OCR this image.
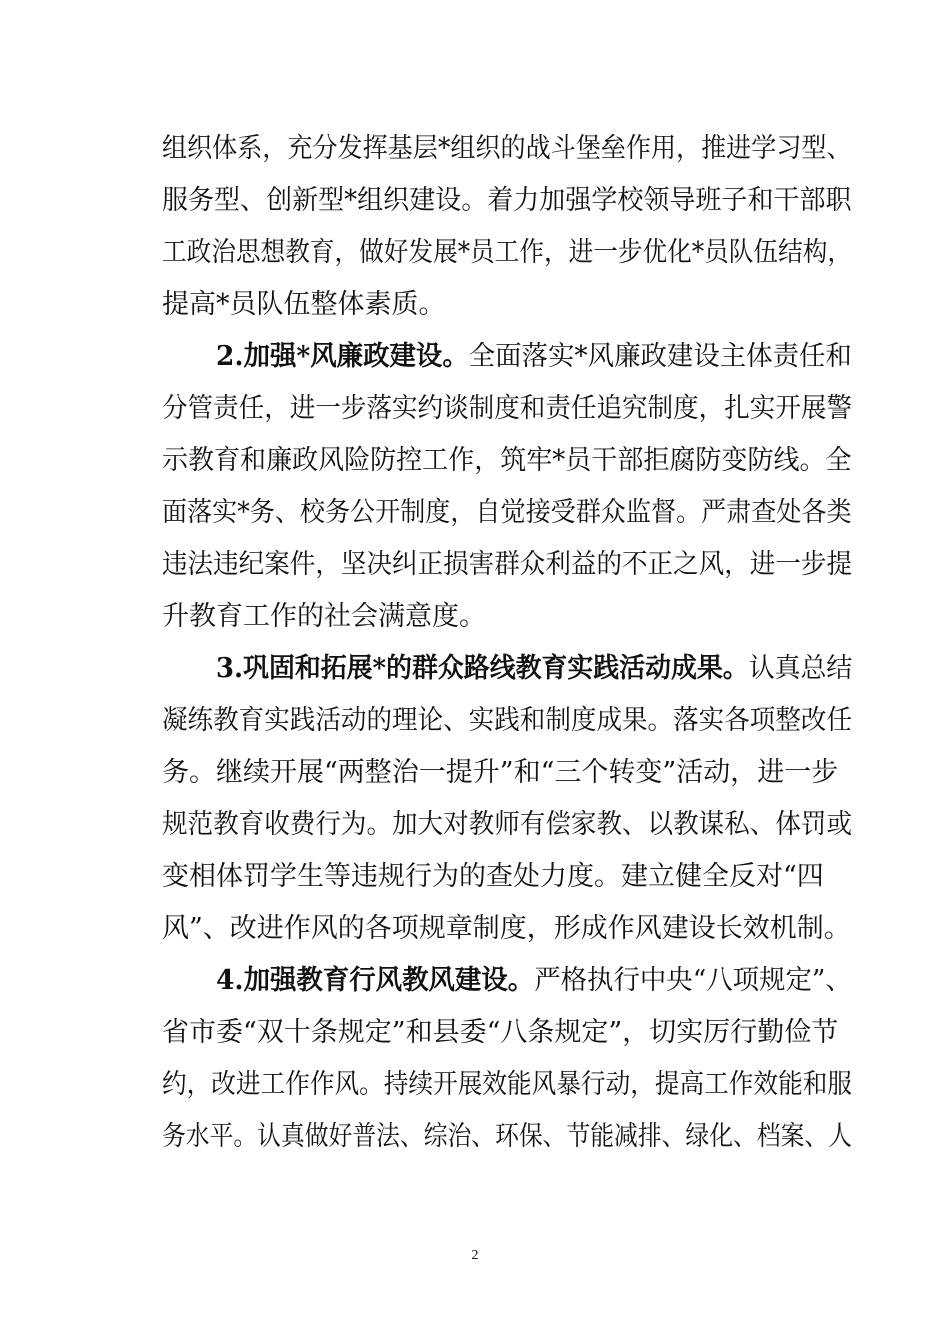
组织体系，充分发挥基层*组织的战斗堡垒作用，推进学习型、
服务型、创新型*组织建设。着力加强学校领导班子和干部职
工政治思想教育，做好发展*员工作，进一步优化*员队伍结构，
提高*员队伍整体素质。
2.加强*风廉政建设。全面落实*风廉政建设主体责任和
分管责任，进一步落实约谈制度和责任追究制度，扎实开展警
示教育和廉政风险防控工作，筑牢*员干部拒腐防变防线。全
面落实*务、校务公开制度，自觉接受群众监督。严肃查处各类
违法违纪案件，坚决纠正损害群众利益的不正之风，进一步提
升教育工作的社会满意度。
3.巩固和拓展*的群众路线教育实践活动成果。认真总结
凝练教育实践活动的理论、实践和制度成果。落实各项整改任
务。继续开展“两整治一提升”和“三个转变”活动，进一步
规范教育收费行为。加大对教师有偿家教、以教谋私、体罚或
变相体罚学生等违规行为的查处力度。建立健全反对“四
风”、改进作风的各项规章制度，形成作风建设长效机制。
4.加强教育行风教风建设。严格执行中央“八项规定”、
省市委“双十条规定”和县委“八条规定”，切实厉行勤俭节
约，改进工作作风。持续开展效能风暴行动，提高工作效能和服
务水平。认真做好普法、综治、环保、节能减排、绿化、档案、人
2
